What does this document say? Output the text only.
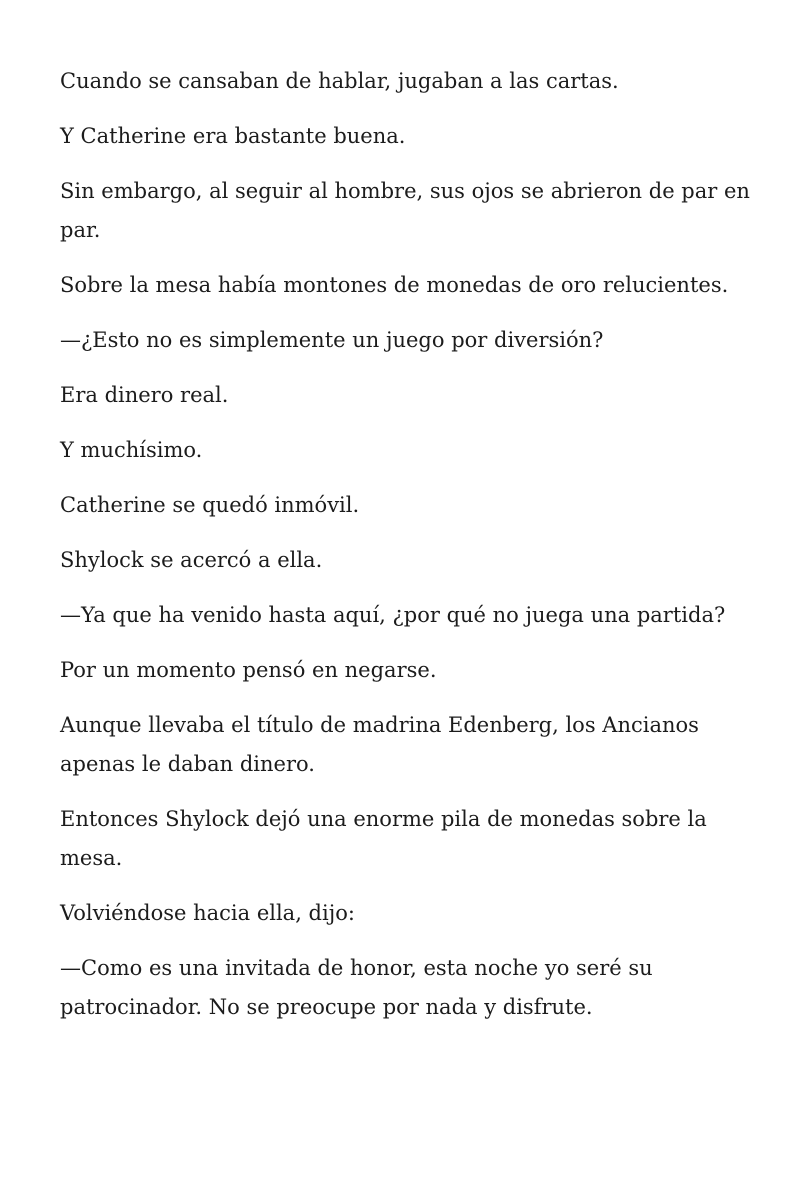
Cuando se cansaban de hablar, jugaban a las cartas.

Y Catherine era bastante buena.

Sin embargo, al seguir al hombre, sus ojos se abrieron de par en par.

Sobre la mesa había montones de monedas de oro relucientes.

—¿Esto no es simplemente un juego por diversión?

Era dinero real.

Y muchísimo.

Catherine se quedó inmóvil.

Shylock se acercó a ella.

—Ya que ha venido hasta aquí, ¿por qué no juega una partida?

Por un momento pensó en negarse.

Aunque llevaba el título de madrina Edenberg, los Ancianos apenas le daban dinero.

Entonces Shylock dejó una enorme pila de monedas sobre la mesa.

Volviéndose hacia ella, dijo:

—Como es una invitada de honor, esta noche yo seré su patrocinador. No se preocupe por nada y disfrute.
